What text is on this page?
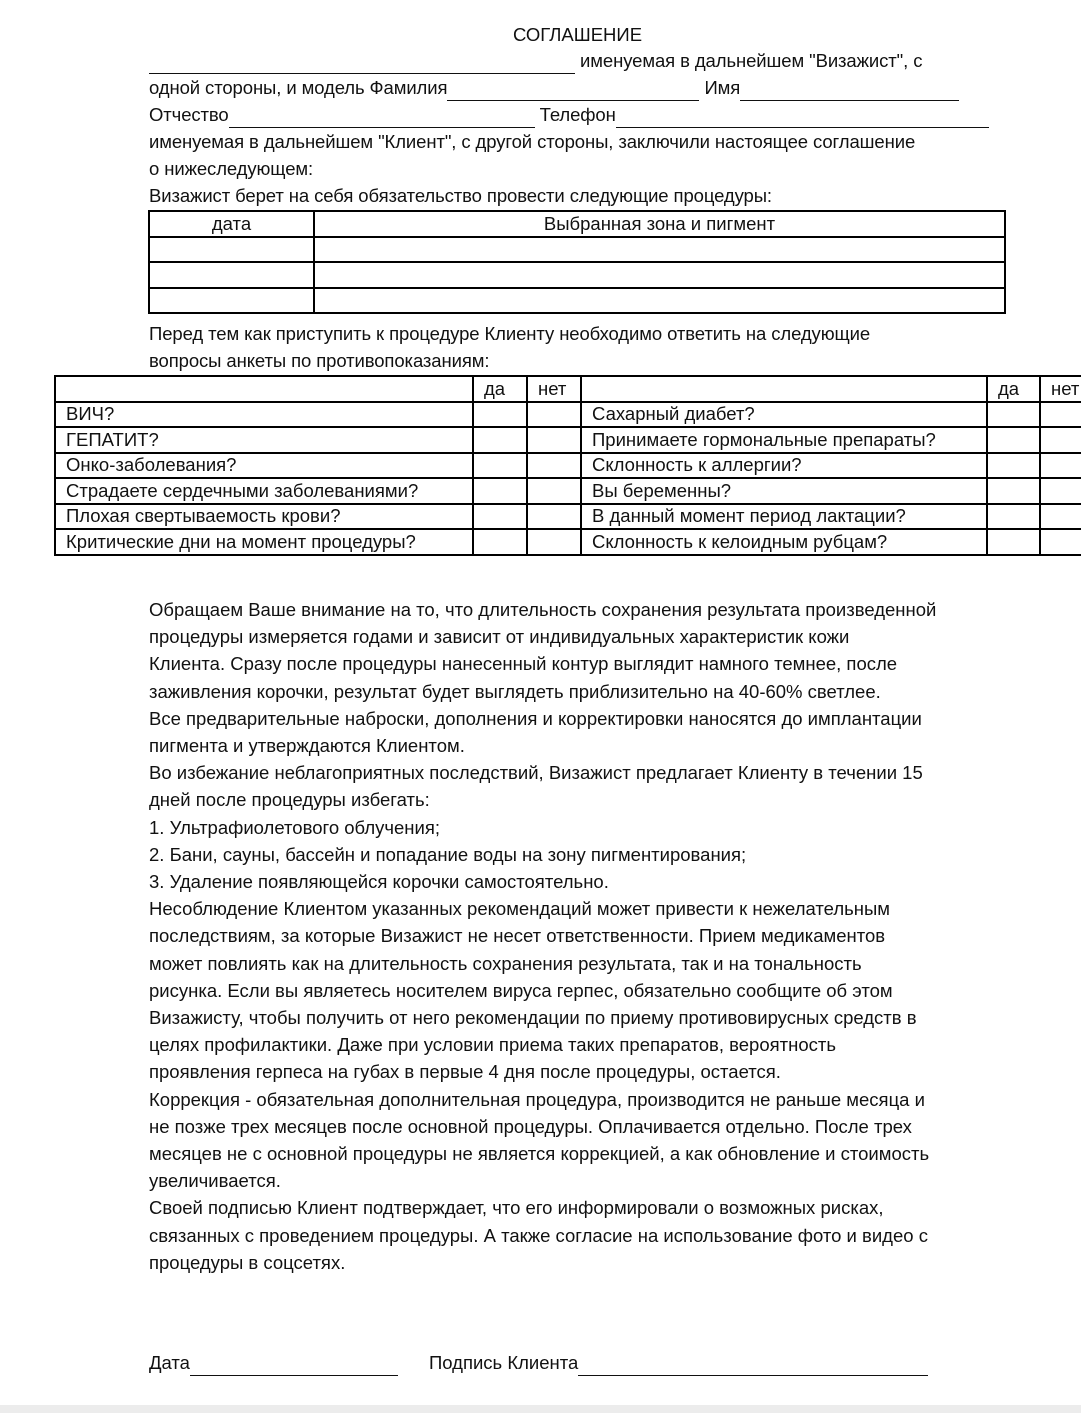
СОГЛАШЕНИЕ
именуемая в дальнейшем "Визажист", с
одной стороны, и модель Фамилия	Имя
Отчество	Телефон
именуемая в дальнейшем "Клиент", с другой стороны, заключили настоящее соглашение
о нижеследующем:
Визажист берет на себя обязательство провести следующие процедуры:
дата	Выбранная зона и пигмент

Перед тем как приступить к процедуре Клиенту необходимо ответить на следующие
вопросы анкеты по противопоказаниям:
	да	нет		да	нет
ВИЧ?			Сахарный диабет?		
ГЕПАТИТ?			Принимаете гормональные препараты?		
Онко-заболевания?			Склонность к аллергии?		
Страдаете сердечными заболеваниями?			Вы беременны?		
Плохая свертываемость крови?			В данный момент период лактации?		
Критические дни на момент процедуры?			Склонность к келоидным рубцам?		
Обращаем Ваше внимание на то, что длительность сохранения результата произведенной
процедуры измеряется годами и зависит от индивидуальных характеристик кожи
Клиента. Сразу после процедуры нанесенный контур выглядит намного темнее, после
заживления корочки, результат будет выглядеть приблизительно на 40-60% светлее.
Все предварительные наброски, дополнения и корректировки наносятся до имплантации
пигмента и утверждаются Клиентом.
Во избежание неблагоприятных последствий, Визажист предлагает Клиенту в течении 15
дней после процедуры избегать:
1. Ультрафиолетового облучения;
2. Бани, сауны, бассейн и попадание воды на зону пигментирования;
3. Удаление появляющейся корочки самостоятельно.
Несоблюдение Клиентом указанных рекомендаций может привести к нежелательным
последствиям, за которые Визажист не несет ответственности. Прием медикаментов
может повлиять как на длительность сохранения результата, так и на тональность
рисунка. Если вы являетесь носителем вируса герпес, обязательно сообщите об этом
Визажисту, чтобы получить от него рекомендации по приему противовирусных средств в
целях профилактики. Даже при условии приема таких препаратов, вероятность
проявления герпеса на губах в первые 4 дня после процедуры, остается.
Коррекция - обязательная дополнительная процедура, производится не раньше месяца и
не позже трех месяцев после основной процедуры. Оплачивается отдельно. После трех
месяцев не с основной процедуры не является коррекцией, а как обновление и стоимость
увеличивается.
Своей подписью Клиент подтверждает, что его информировали о возможных рисках,
связанных с проведением процедуры. А также согласие на использование фото и видео с
процедуры в соцсетях.
Дата	Подпись Клиента
